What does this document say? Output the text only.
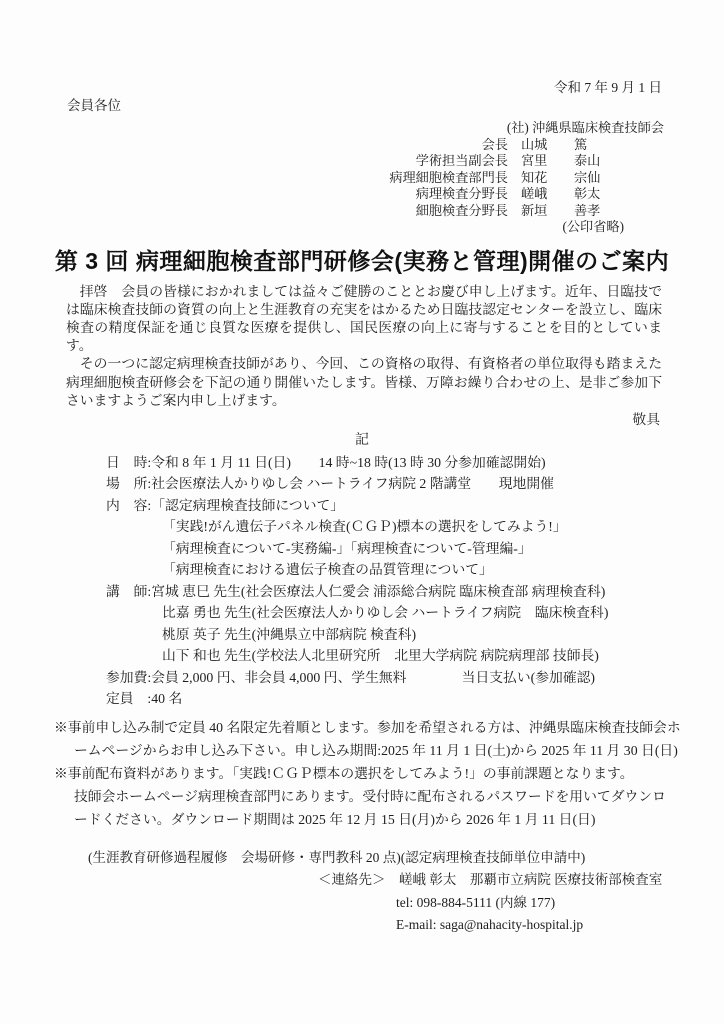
令和 7 年 9 月 1 日
会員各位
(社) 沖縄県臨床検査技師会
会長	山城	篤
学術担当副会長	宮里	泰山
病理細胞検査部門長	知花	宗仙
病理検査分野長	嵯峨	彰太
細胞検査分野長	新垣	善孝
(公印省略)
第 3 回 病理細胞検査部門研修会(実務と管理)開催のご案内

拝啓　会員の皆様におかれましては益々ご健勝のこととお慶び申し上げます。近年、日臨技では臨床検査技師の資質の向上と生涯教育の充実をはかるため日臨技認定センターを設立し、臨床検査の精度保証を通じ良質な医療を提供し、国民医療の向上に寄与することを目的としています。

その一つに認定病理検査技師があり、今回、この資格の取得、有資格者の単位取得も踏まえた病理細胞検査研修会を下記の通り開催いたします。皆様、万障お繰り合わせの上、是非ご参加下さいますようご案内申し上げます。

敬具
記
日　時:令和 8 年 1 月 11 日(日)　　14 時~18 時(13 時 30 分参加確認開始)
場　所:社会医療法人かりゆし会 ハートライフ病院 2 階講堂　　現地開催
内　容:「認定病理検査技師について」
「実践!がん遺伝子パネル検査(ＣＧＰ)標本の選択をしてみよう!」
「病理検査について-実務編-」「病理検査について-管理編-」
「病理検査における遺伝子検査の品質管理について」
講　師:宮城 恵巳 先生(社会医療法人仁愛会 浦添総合病院 臨床検査部 病理検査科)
比嘉 勇也 先生(社会医療法人かりゆし会 ハートライフ病院　臨床検査科)
桃原 英子 先生(沖縄県立中部病院 検査科)
山下 和也 先生(学校法人北里研究所　北里大学病院 病院病理部 技師長)
参加費:会員 2,000 円、非会員 4,000 円、学生無料　　　　当日支払い(参加確認)
定員　:40 名
※事前申し込み制で定員 40 名限定先着順とします。参加を希望される方は、沖縄県臨床検査技師会ホ
ームページからお申し込み下さい。申し込み期間:2025 年 11 月 1 日(土)から 2025 年 11 月 30 日(日)
※事前配布資料があります。「実践!ＣＧＰ標本の選択をしてみよう!」の事前課題となります。
技師会ホームページ病理検査部門にあります。受付時に配布されるパスワードを用いてダウンロ
ードください。ダウンロード期間は 2025 年 12 月 15 日(月)から 2026 年 1 月 11 日(日)
(生涯教育研修過程履修　会場研修・専門教科 20 点)(認定病理検査技師単位申請中)
＜連絡先＞　嵯峨 彰太　那覇市立病院 医療技術部検査室
tel: 098-884-5111 (内線 177)
E-mail: saga@nahacity-hospital.jp
